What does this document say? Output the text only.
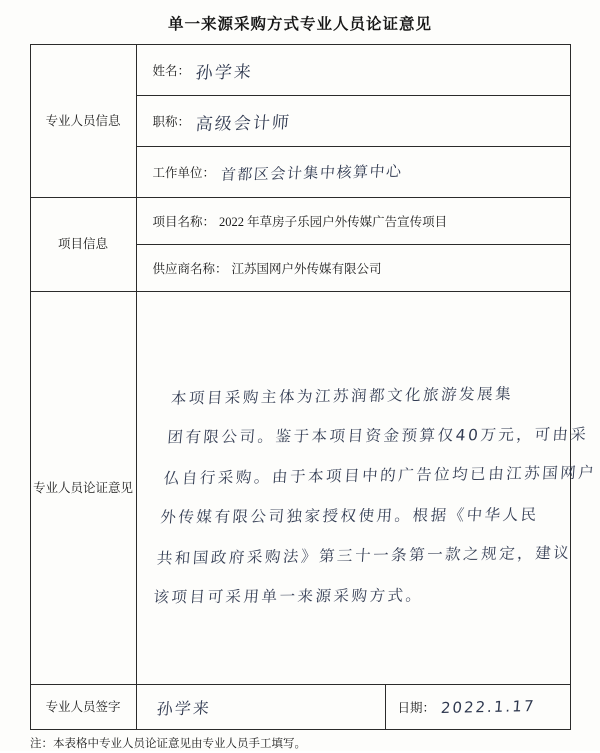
单一来源采购方式专业人员论证意见
专业人员信息	
姓名： 孙学来

职称： 高级会计师

工作单位： 首都区会计集中核算中心

项目信息	
项目名称： 2022 年草房子乐园户外传媒广告宣传项目

供应商名称： 江苏国网户外传媒有限公司

专业人员论证意见	
本项目采购主体为江苏润都文化旅游发展集
团有限公司。鉴于本项目资金预算仅40万元，可由采
仏自行采购。由于本项目中的广告位均已由江苏国网户
外传媒有限公司独家授权使用。根据《中华人民
共和国政府采购法》第三十一条第一款之规定，建议
该项目可采用单一来源采购方式。

专业人员签字	孙学来	日期： 2022.1.17
注：本表格中专业人员论证意见由专业人员手工填写。
